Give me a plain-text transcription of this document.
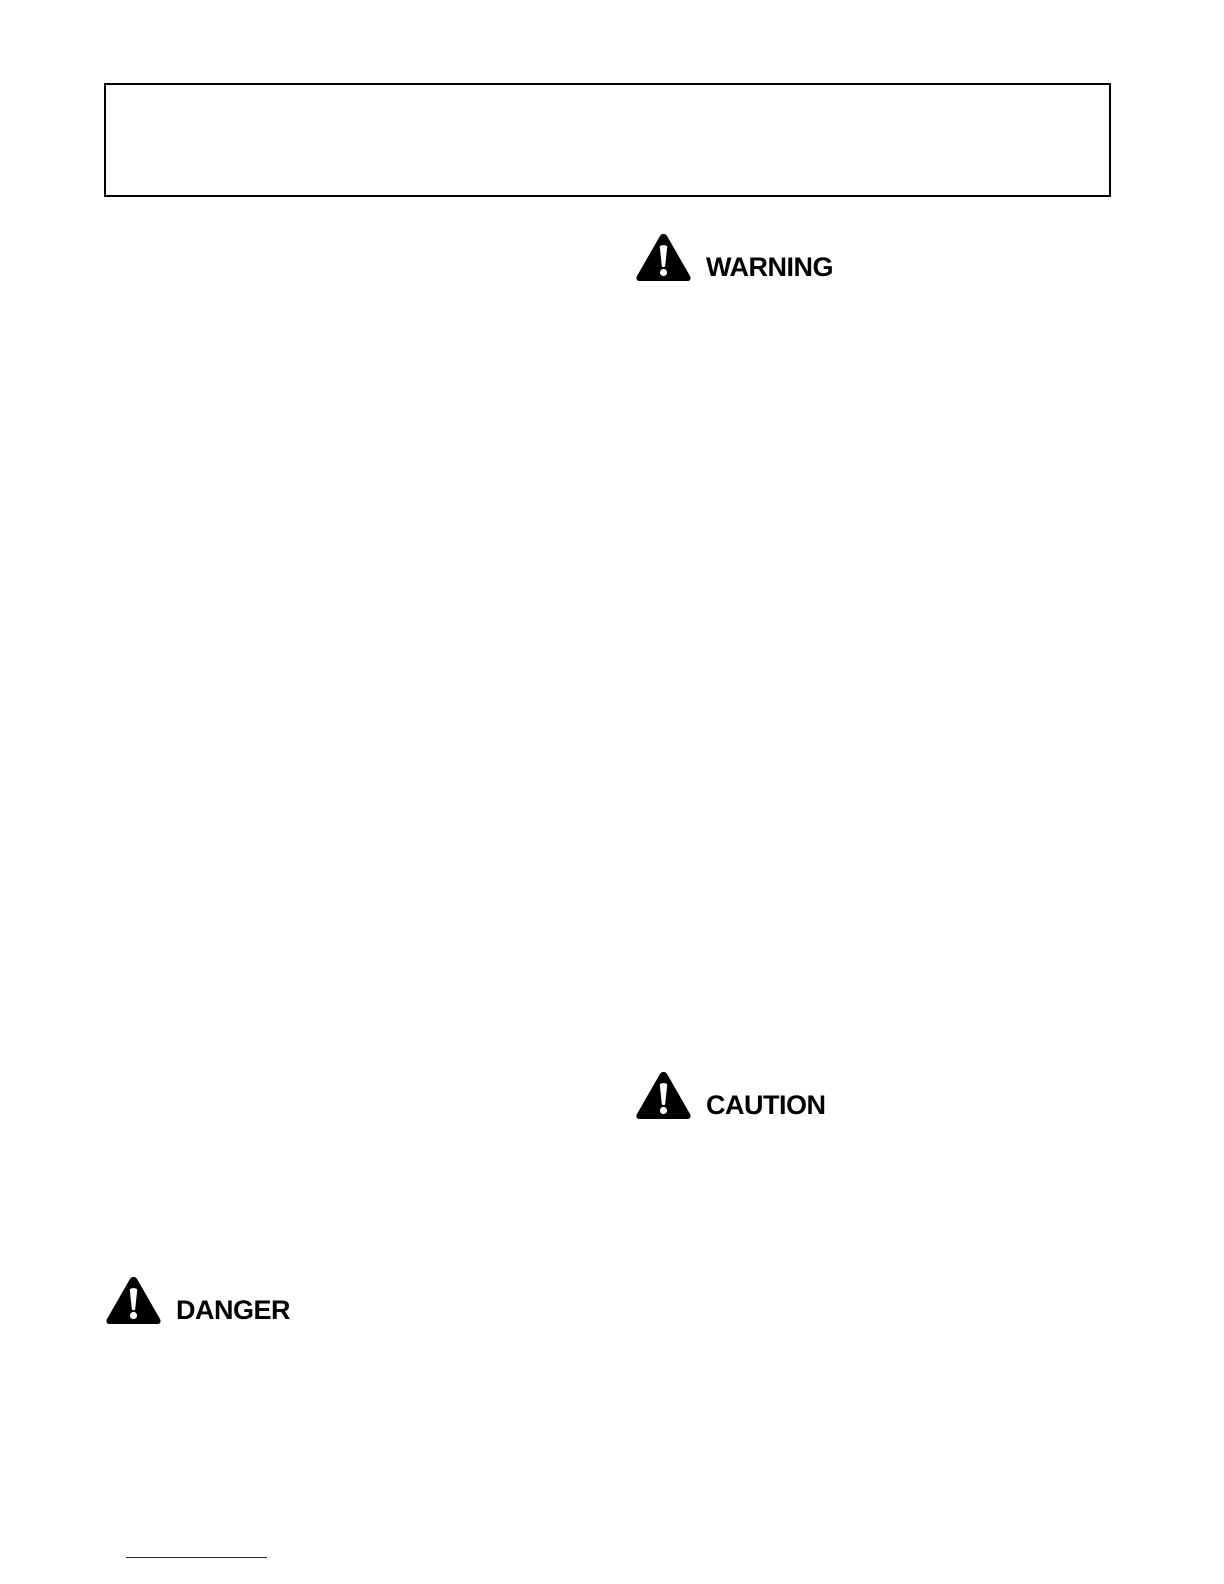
WARNING
CAUTION
DANGER
